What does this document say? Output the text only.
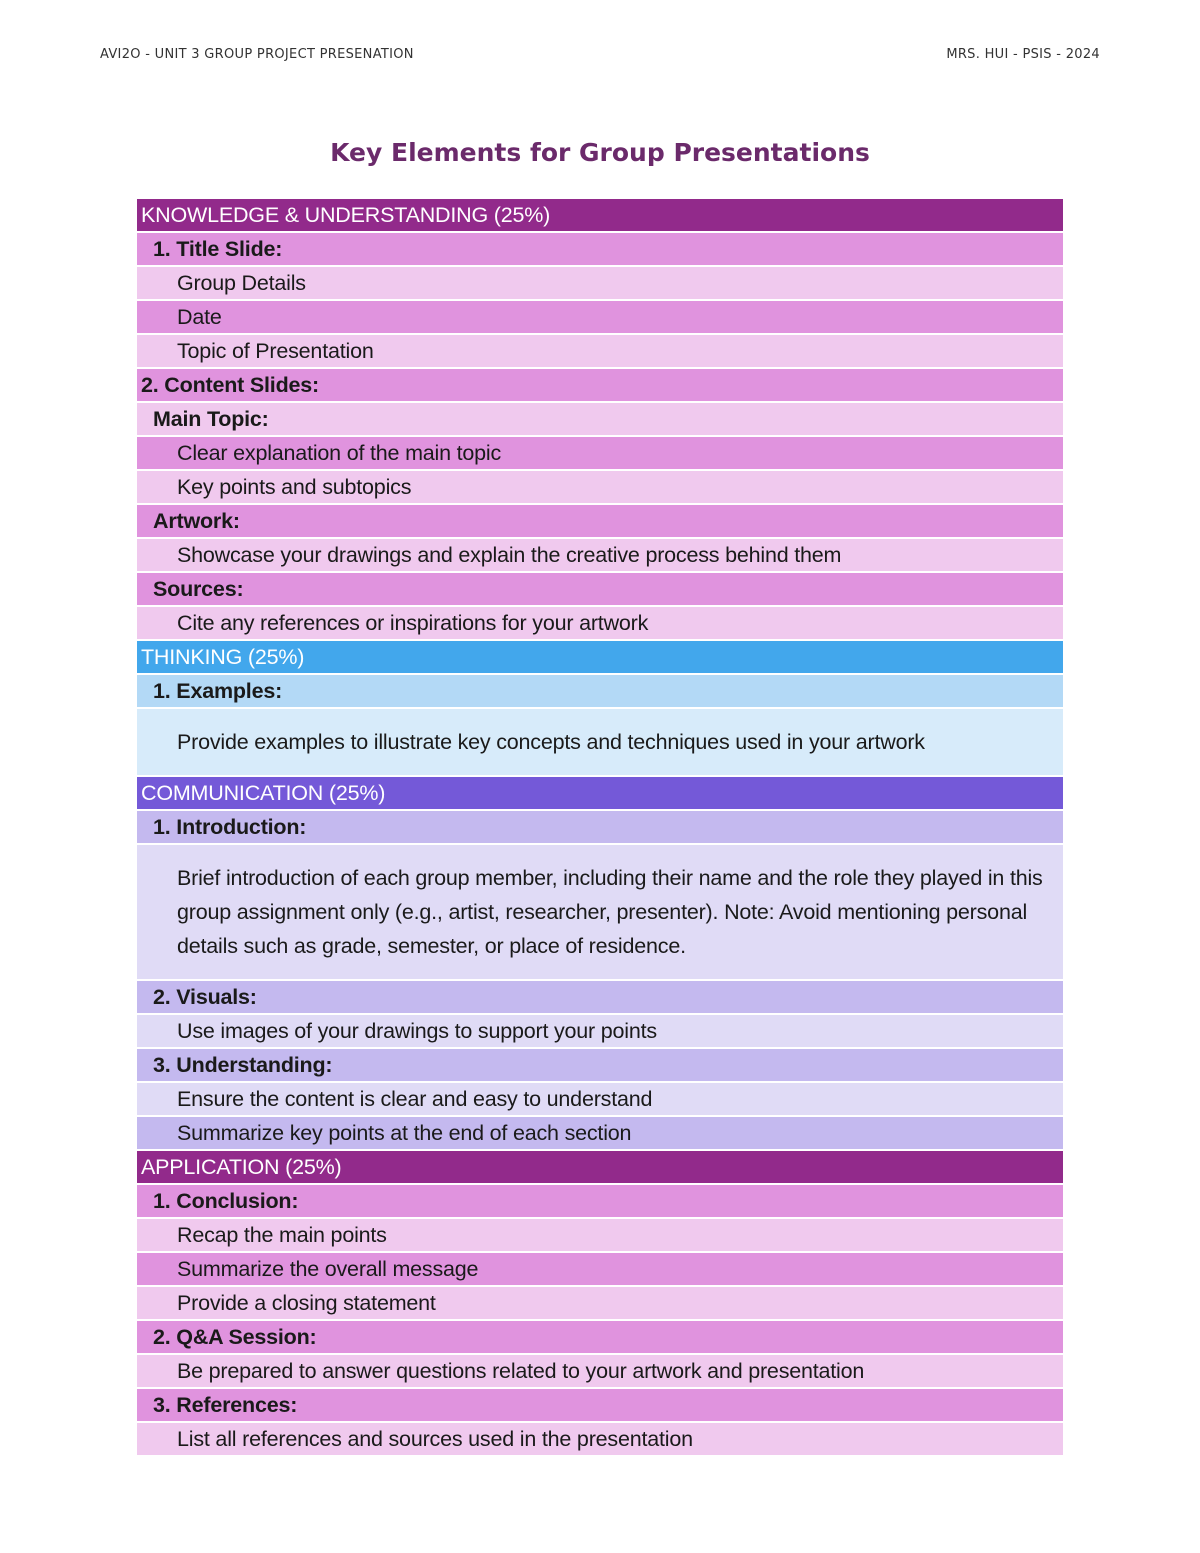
AVI2O - UNIT 3 GROUP PROJECT PRESENATION	MRS. HUI - PSIS - 2024
Key Elements for Group Presentations
KNOWLEDGE & UNDERSTANDING (25%)
1. Title Slide:
Group Details
Date
Topic of Presentation
2. Content Slides:
Main Topic:
Clear explanation of the main topic
Key points and subtopics
Artwork:
Showcase your drawings and explain the creative process behind them
Sources:
Cite any references or inspirations for your artwork
THINKING (25%)
1. Examples:
Provide examples to illustrate key concepts and techniques used in your artwork
COMMUNICATION (25%)
1. Introduction:
Brief introduction of each group member, including their name and the role they played in this group assignment only (e.g., artist, researcher, presenter). Note: Avoid mentioning personal details such as grade, semester, or place of residence.
2. Visuals:
Use images of your drawings to support your points
3. Understanding:
Ensure the content is clear and easy to understand
Summarize key points at the end of each section
APPLICATION (25%)
1. Conclusion:
Recap the main points
Summarize the overall message
Provide a closing statement
2. Q&A Session:
Be prepared to answer questions related to your artwork and presentation
3. References:
List all references and sources used in the presentation
